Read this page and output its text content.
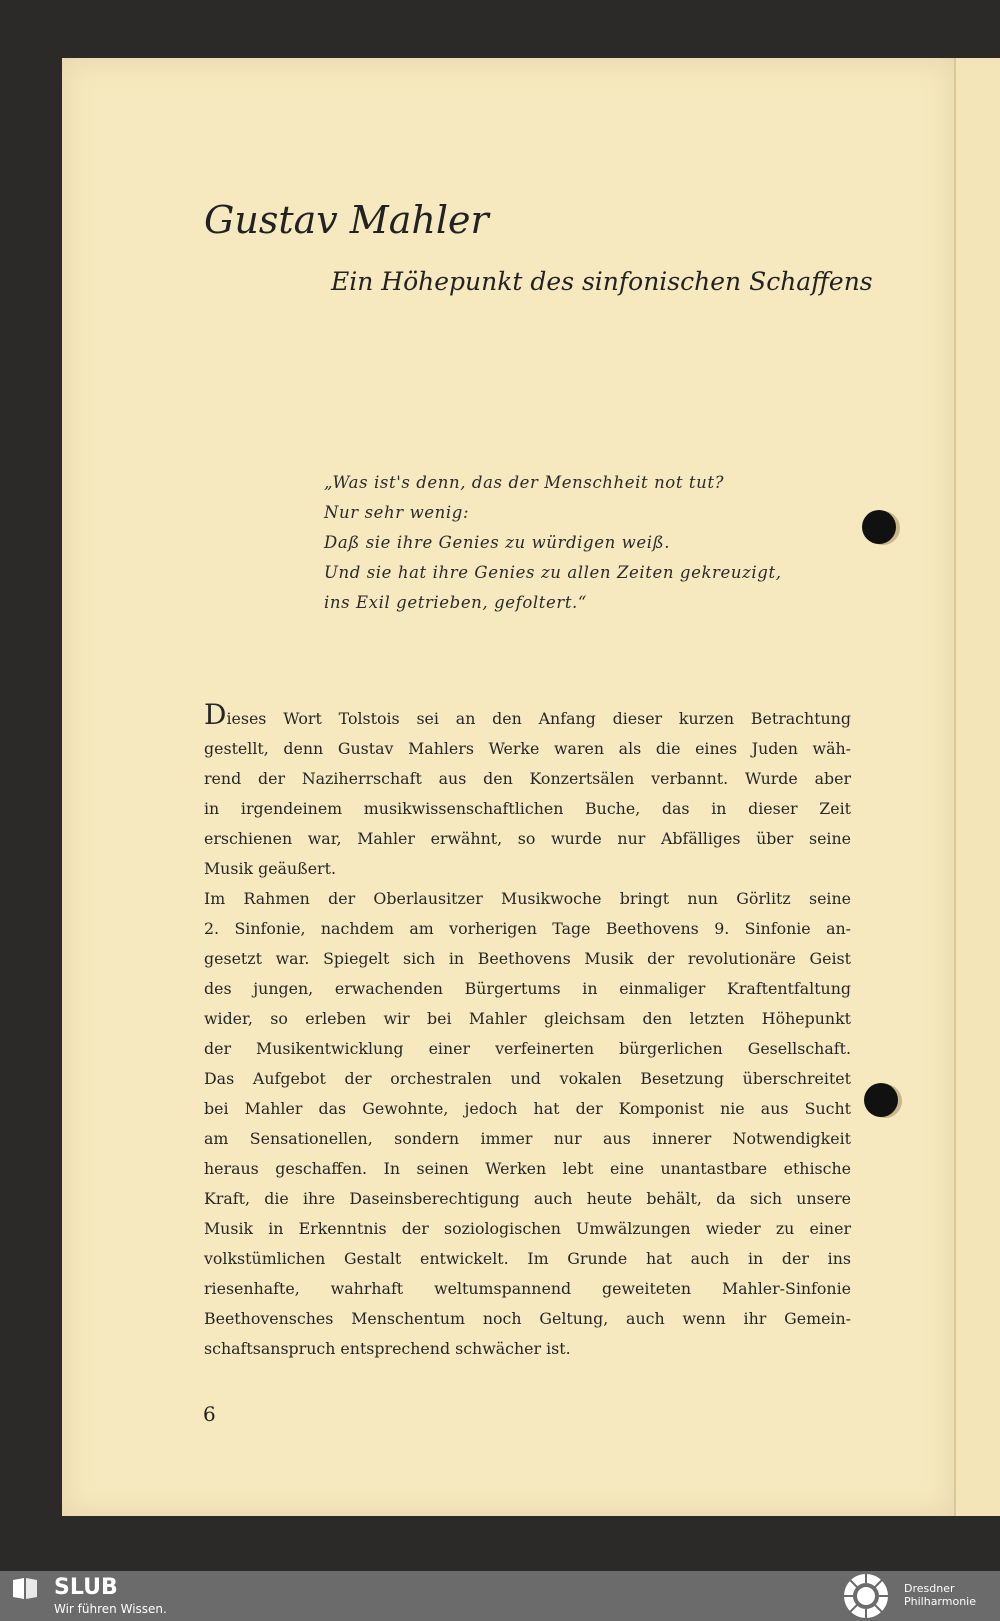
Gustav Mahler
Ein Höhepunkt des sinfonischen Schaffens
„Was ist's denn, das der Menschheit not tut?
Nur sehr wenig:
Daß sie ihre Genies zu würdigen weiß.
Und sie hat ihre Genies zu allen Zeiten gekreuzigt,
ins Exil getrieben, gefoltert.“
Dieses Wort Tolstois sei an den Anfang dieser kurzen Betrachtung
gestellt, denn Gustav Mahlers Werke waren als die eines Juden wäh-
rend der Naziherrschaft aus den Konzertsälen verbannt. Wurde aber
in irgendeinem musikwissenschaftlichen Buche, das in dieser Zeit
erschienen war, Mahler erwähnt, so wurde nur Abfälliges über seine
Musik geäußert.
Im Rahmen der Oberlausitzer Musikwoche bringt nun Görlitz seine
2. Sinfonie, nachdem am vorherigen Tage Beethovens 9. Sinfonie an-
gesetzt war. Spiegelt sich in Beethovens Musik der revolutionäre Geist
des jungen, erwachenden Bürgertums in einmaliger Kraftentfaltung
wider, so erleben wir bei Mahler gleichsam den letzten Höhepunkt
der Musikentwicklung einer verfeinerten bürgerlichen Gesellschaft.
Das Aufgebot der orchestralen und vokalen Besetzung überschreitet
bei Mahler das Gewohnte, jedoch hat der Komponist nie aus Sucht
am Sensationellen, sondern immer nur aus innerer Notwendigkeit
heraus geschaffen. In seinen Werken lebt eine unantastbare ethische
Kraft, die ihre Daseinsberechtigung auch heute behält, da sich unsere
Musik in Erkenntnis der soziologischen Umwälzungen wieder zu einer
volkstümlichen Gestalt entwickelt. Im Grunde hat auch in der ins
riesenhafte, wahrhaft weltumspannend geweiteten Mahler-Sinfonie
Beethovensches Menschentum noch Geltung, auch wenn ihr Gemein-
schaftsanspruch entsprechend schwächer ist.
6
SLUB
Wir führen Wissen.
Dresdner
Philharmonie
